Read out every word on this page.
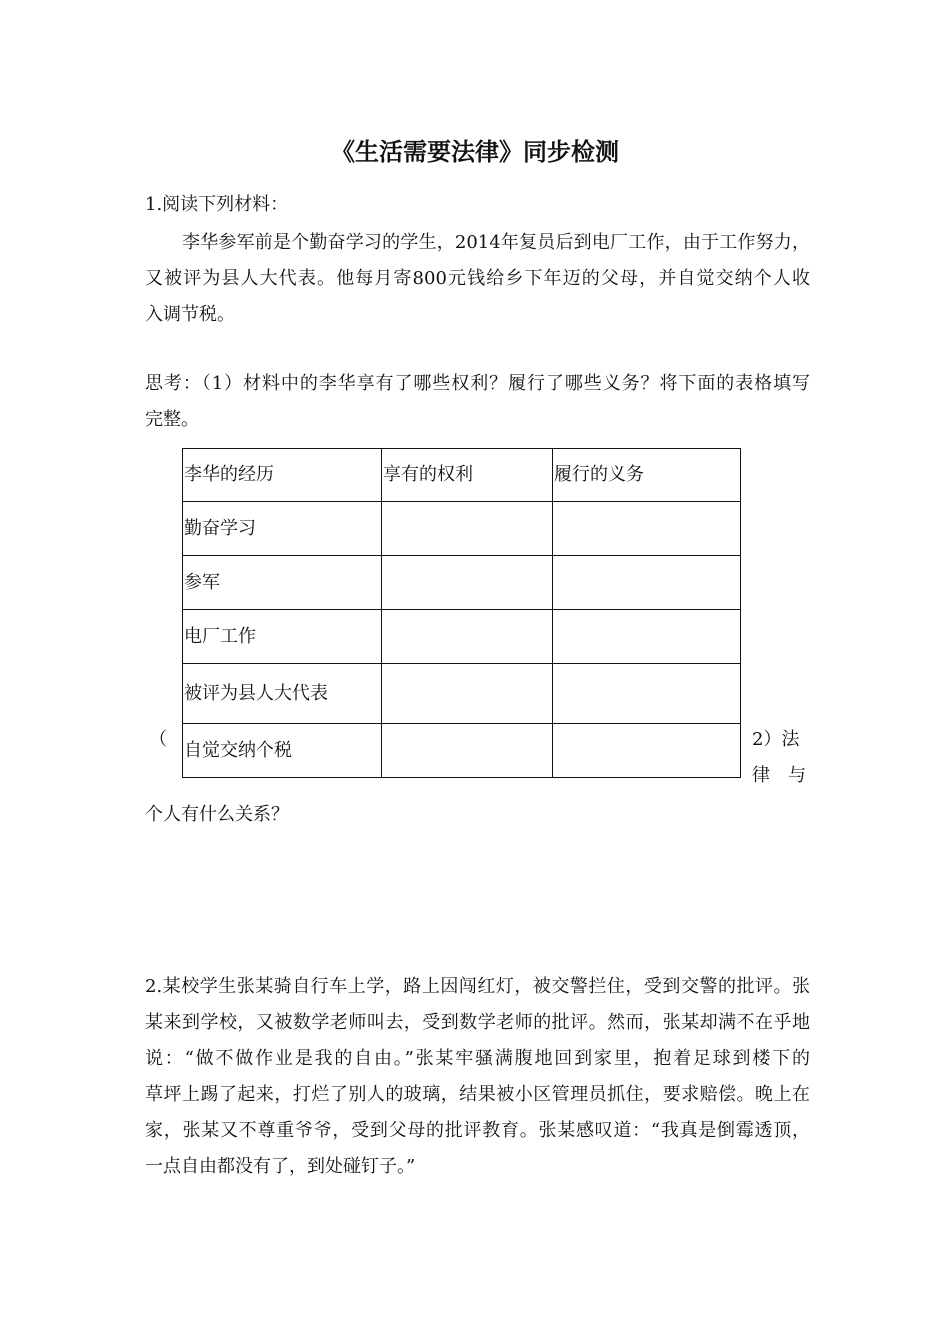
《生活需要法律》同步检测
1.阅读下列材料：
李华参军前是个勤奋学习的学生，2014年复员后到电厂工作，由于工作努力，
又被评为县人大代表。他每月寄800元钱给乡下年迈的父母，并自觉交纳个人收
入调节税。
思考：（1）材料中的李华享有了哪些权利？履行了哪些义务？将下面的表格填写
完整。
李华的经历	享有的权利	履行的义务
勤奋学习		
参军		
电厂工作		
被评为县人大代表		
自觉交纳个税		
（	2）法
律　与
个人有什么关系？
2.某校学生张某骑自行车上学，路上因闯红灯，被交警拦住，受到交警的批评。张
某来到学校，又被数学老师叫去，受到数学老师的批评。然而，张某却满不在乎地
说：“做不做作业是我的自由。”张某牢骚满腹地回到家里，抱着足球到楼下的
草坪上踢了起来，打烂了别人的玻璃，结果被小区管理员抓住，要求赔偿。晚上在
家，张某又不尊重爷爷，受到父母的批评教育。张某感叹道：“我真是倒霉透顶，
一点自由都没有了，到处碰钉子。”
